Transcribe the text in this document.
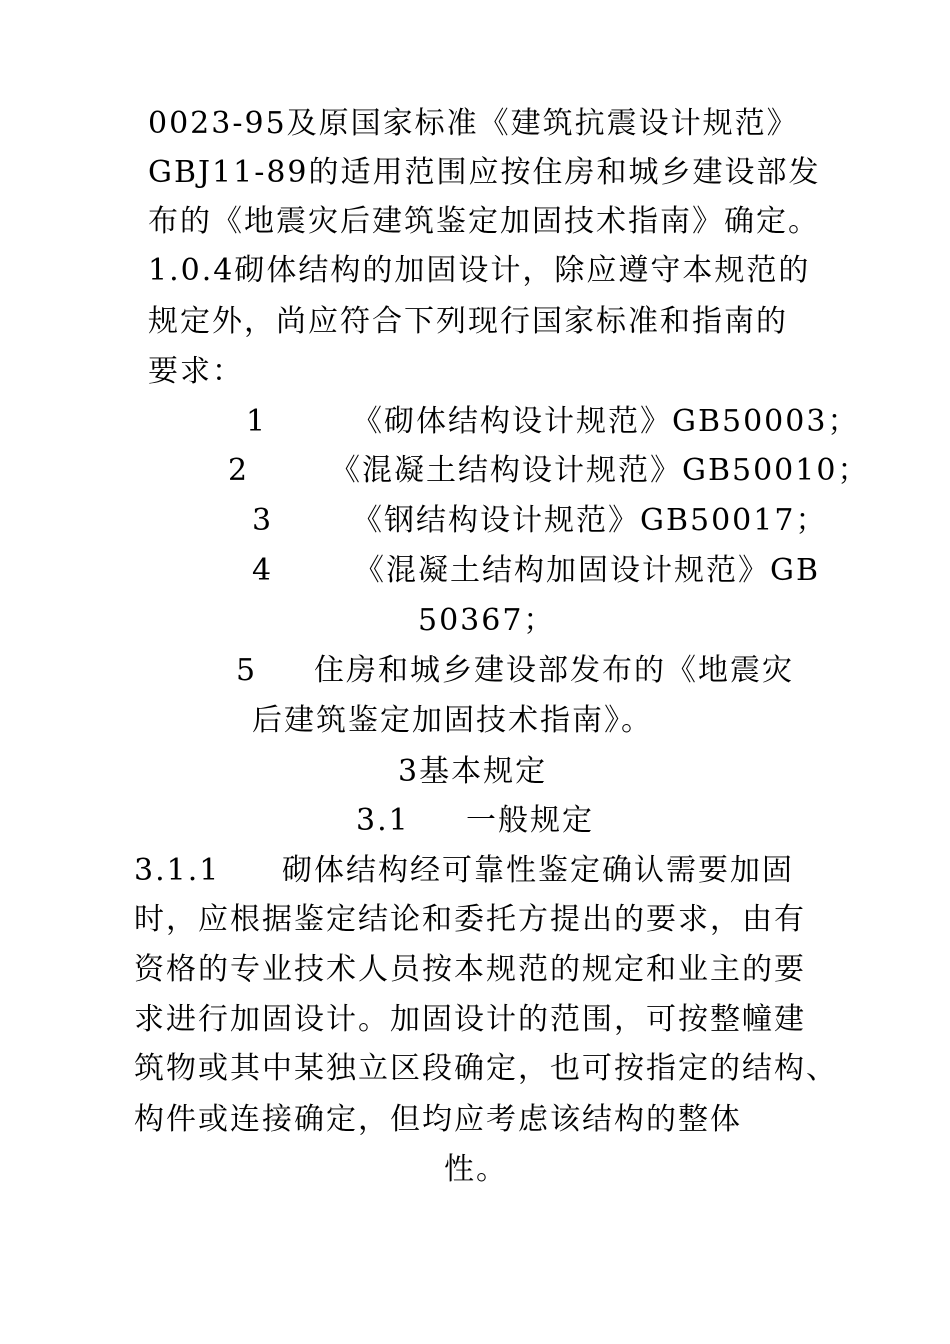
0023-95及原国家标准《建筑抗震设计规范》
GBJ11-89的适用范围应按住房和城乡建设部发
布的《地震灾后建筑鉴定加固技术指南》确定。
1.0.4砌体结构的加固设计，除应遵守本规范的
规定外，尚应符合下列现行国家标准和指南的
要求：
1	《砌体结构设计规范》GB50003；
2	《混凝土结构设计规范》GB50010；
3	《钢结构设计规范》GB50017；
4	《混凝土结构加固设计规范》GB
50367；
5 住房和城乡建设部发布的《地震灾
后建筑鉴定加固技术指南》。
3基本规定
3.1 一般规定
3.1.1 砌体结构经可靠性鉴定确认需要加固
时，应根据鉴定结论和委托方提出的要求，由有
资格的专业技术人员按本规范的规定和业主的要
求进行加固设计。加固设计的范围，可按整幢建
筑物或其中某独立区段确定，也可按指定的结构、
构件或连接确定，但均应考虑该结构的整体
性。
